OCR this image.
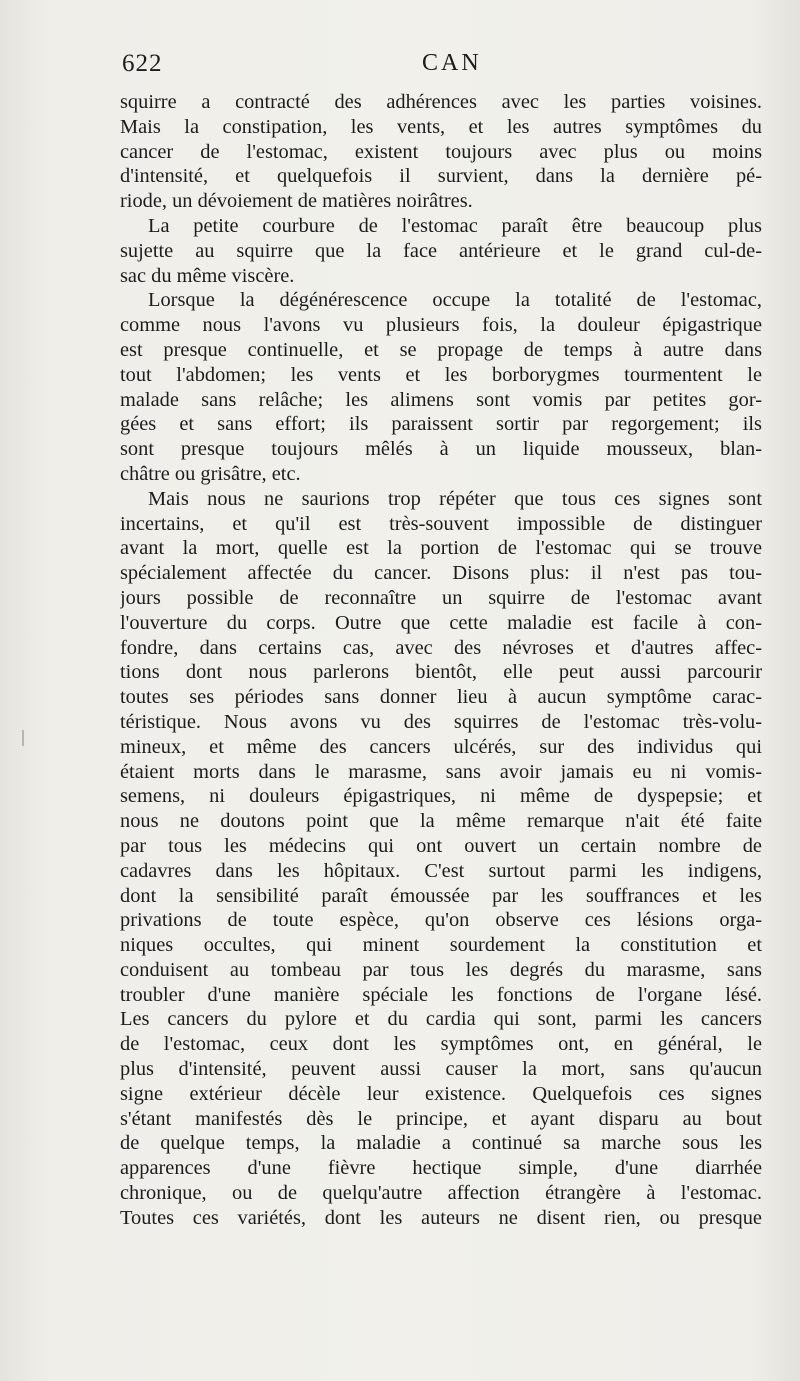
622	CAN
squirre a contracté des adhérences avec les parties voisines.
Mais la constipation, les vents, et les autres symptômes du
cancer de l'estomac, existent toujours avec plus ou moins
d'intensité, et quelquefois il survient, dans la dernière pé-
riode, un dévoiement de matières noirâtres.
La petite courbure de l'estomac paraît être beaucoup plus
sujette au squirre que la face antérieure et le grand cul-de-
sac du même viscère.
Lorsque la dégénérescence occupe la totalité de l'estomac,
comme nous l'avons vu plusieurs fois, la douleur épigastrique
est presque continuelle, et se propage de temps à autre dans
tout l'abdomen; les vents et les borborygmes tourmentent le
malade sans relâche; les alimens sont vomis par petites gor-
gées et sans effort; ils paraissent sortir par regorgement; ils
sont presque toujours mêlés à un liquide mousseux, blan-
châtre ou grisâtre, etc.
Mais nous ne saurions trop répéter que tous ces signes sont
incertains, et qu'il est très-souvent impossible de distinguer
avant la mort, quelle est la portion de l'estomac qui se trouve
spécialement affectée du cancer. Disons plus: il n'est pas tou-
jours possible de reconnaître un squirre de l'estomac avant
l'ouverture du corps. Outre que cette maladie est facile à con-
fondre, dans certains cas, avec des névroses et d'autres affec-
tions dont nous parlerons bientôt, elle peut aussi parcourir
toutes ses périodes sans donner lieu à aucun symptôme carac-
téristique. Nous avons vu des squirres de l'estomac très-volu-
mineux, et même des cancers ulcérés, sur des individus qui
étaient morts dans le marasme, sans avoir jamais eu ni vomis-
semens, ni douleurs épigastriques, ni même de dyspepsie; et
nous ne doutons point que la même remarque n'ait été faite
par tous les médecins qui ont ouvert un certain nombre de
cadavres dans les hôpitaux. C'est surtout parmi les indigens,
dont la sensibilité paraît émoussée par les souffrances et les
privations de toute espèce, qu'on observe ces lésions orga-
niques occultes, qui minent sourdement la constitution et
conduisent au tombeau par tous les degrés du marasme, sans
troubler d'une manière spéciale les fonctions de l'organe lésé.
Les cancers du pylore et du cardia qui sont, parmi les cancers
de l'estomac, ceux dont les symptômes ont, en général, le
plus d'intensité, peuvent aussi causer la mort, sans qu'aucun
signe extérieur décèle leur existence. Quelquefois ces signes
s'étant manifestés dès le principe, et ayant disparu au bout
de quelque temps, la maladie a continué sa marche sous les
apparences d'une fièvre hectique simple, d'une diarrhée
chronique, ou de quelqu'autre affection étrangère à l'estomac.
Toutes ces variétés, dont les auteurs ne disent rien, ou presque
